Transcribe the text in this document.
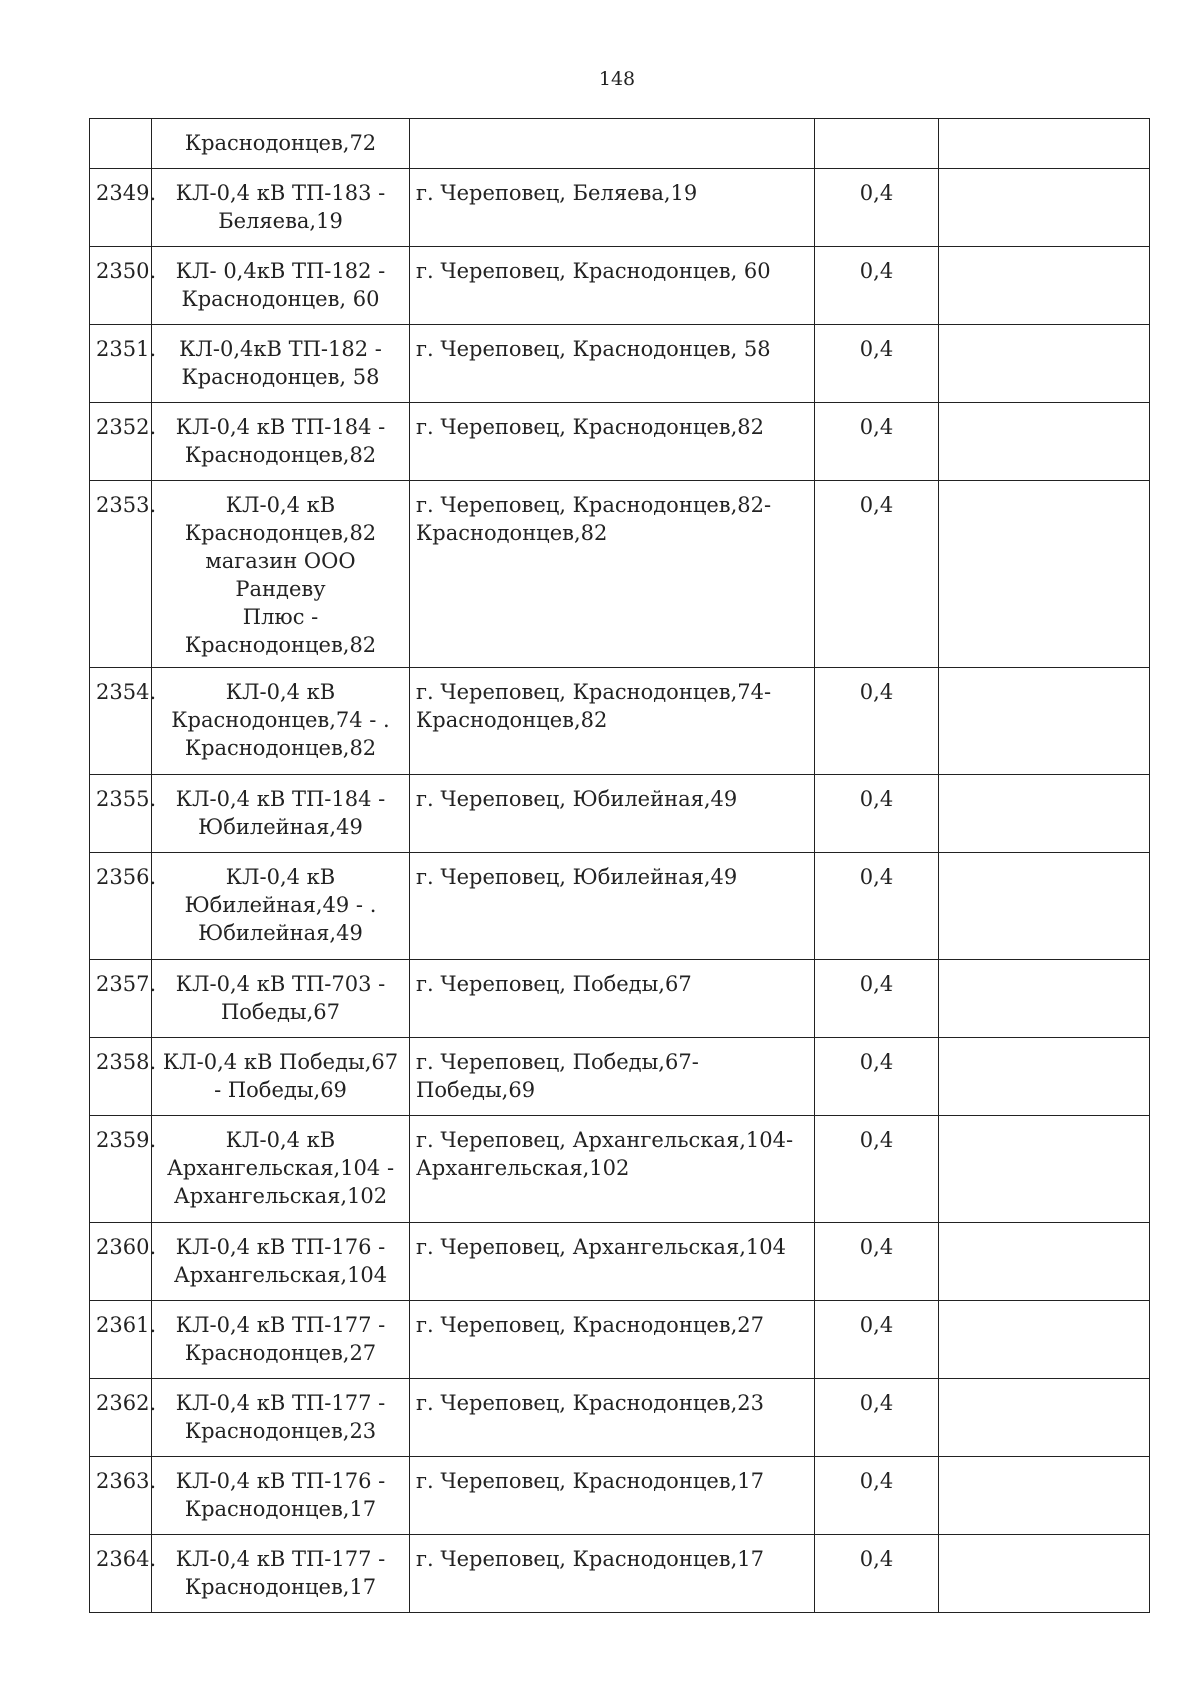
148

	Краснодонцев,72			

2349.	КЛ-0,4 кВ ТП-183 -
Беляева,19	г. Череповец, Беляева,19	0,4	

2350.	КЛ- 0,4кВ ТП-182 -
Краснодонцев, 60	г. Череповец, Краснодонцев, 60	0,4	

2351.	КЛ-0,4кВ ТП-182 -
Краснодонцев, 58	г. Череповец, Краснодонцев, 58	0,4	

2352.	КЛ-0,4 кВ ТП-184 -
Краснодонцев,82	г. Череповец, Краснодонцев,82	0,4	

2353.	КЛ-0,4 кВ
Краснодонцев,82
магазин ООО Рандеву
Плюс -
Краснодонцев,82	г. Череповец, Краснодонцев,82-
Краснодонцев,82	0,4	

2354.	КЛ-0,4 кВ
Краснодонцев,74 - .
Краснодонцев,82	г. Череповец, Краснодонцев,74-
Краснодонцев,82	0,4	

2355.	КЛ-0,4 кВ ТП-184 -
Юбилейная,49	г. Череповец, Юбилейная,49	0,4	

2356.	КЛ-0,4 кВ
Юбилейная,49 - .
Юбилейная,49	г. Череповец, Юбилейная,49	0,4	

2357.	КЛ-0,4 кВ ТП-703 -
Победы,67	г. Череповец, Победы,67	0,4	

2358.	КЛ-0,4 кВ Победы,67
- Победы,69	г. Череповец, Победы,67- Победы,69	0,4	

2359.	КЛ-0,4 кВ
Архангельская,104 -
Архангельская,102	г. Череповец, Архангельская,104-
Архангельская,102	0,4	

2360.	КЛ-0,4 кВ ТП-176 -
Архангельская,104	г. Череповец, Архангельская,104	0,4	

2361.	КЛ-0,4 кВ ТП-177 -
Краснодонцев,27	г. Череповец, Краснодонцев,27	0,4	

2362.	КЛ-0,4 кВ ТП-177 -
Краснодонцев,23	г. Череповец, Краснодонцев,23	0,4	

2363.	КЛ-0,4 кВ ТП-176 -
Краснодонцев,17	г. Череповец, Краснодонцев,17	0,4	

2364.	КЛ-0,4 кВ ТП-177 -
Краснодонцев,17	г. Череповец, Краснодонцев,17	0,4	
